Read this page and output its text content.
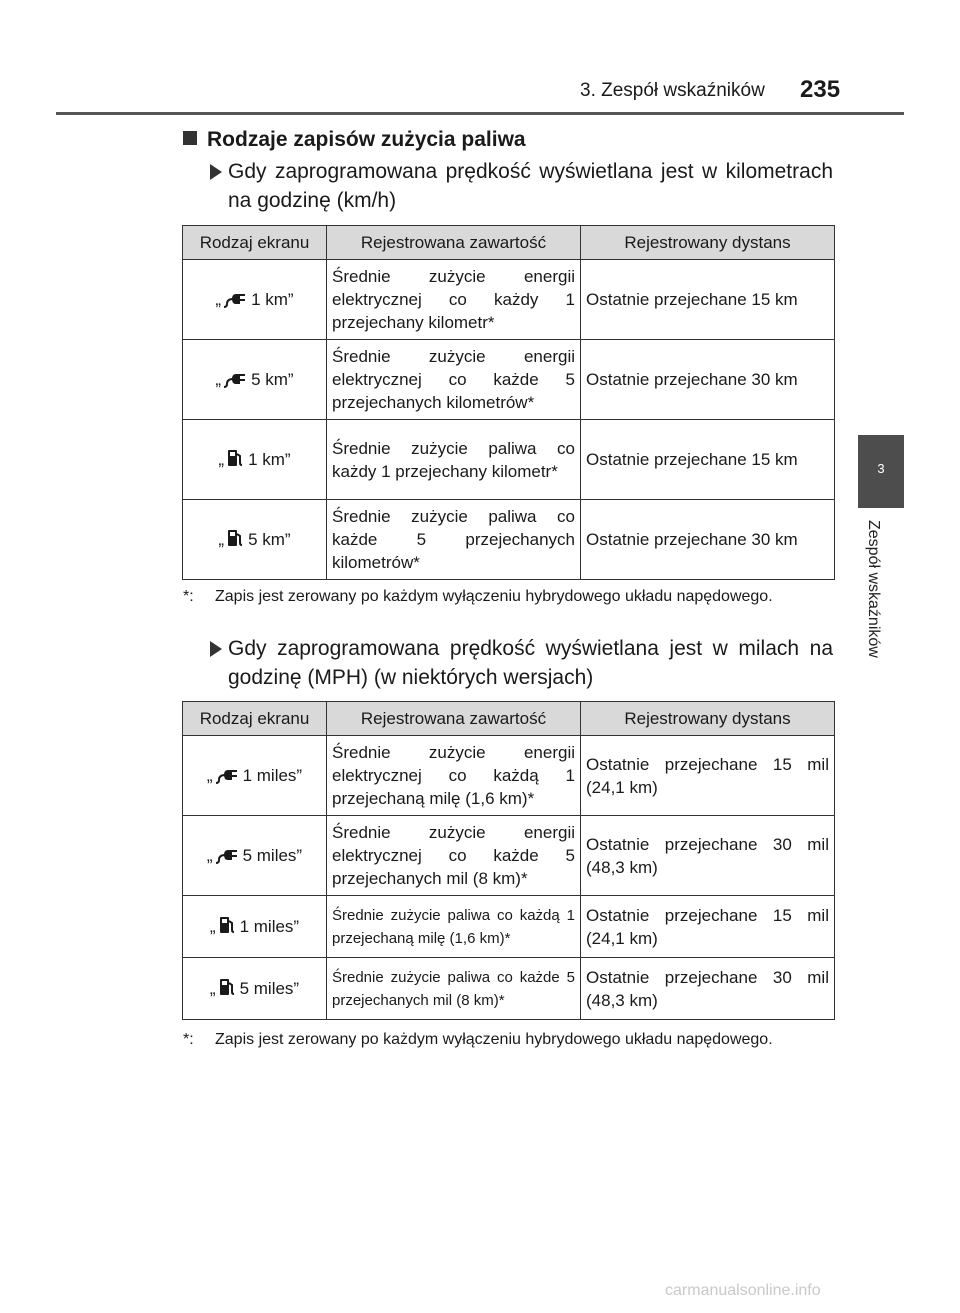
3. Zespół wskaźników 235
3
Zespół wskaźników
Rodzaje zapisów zużycia paliwa
Gdy zaprogramowana prędkość wyświetlana jest w kilometrach na godzinę (km/h)
Rodzaj ekranu	Rejestrowana zawartość	Rejestrowany dystans
„ 1 km”	Średnie zużycie energii elektrycznej co każdy 1 przejechany kilometr*	Ostatnie przejechane 15 km
„ 5 km”	Średnie zużycie energii elektrycznej co każde 5 przejechanych kilometrów*	Ostatnie przejechane 30 km
„ 1 km”	Średnie zużycie paliwa co każdy 1 przejechany kilometr*	Ostatnie przejechane 15 km
„ 5 km”	Średnie zużycie paliwa co każde 5 przejechanych kilometrów*	Ostatnie przejechane 30 km
*:	Zapis jest zerowany po każdym wyłączeniu hybrydowego układu napędowego.
Gdy zaprogramowana prędkość wyświetlana jest w milach na godzinę (MPH) (w niektórych wersjach)
Rodzaj ekranu	Rejestrowana zawartość	Rejestrowany dystans
„ 1 miles”	Średnie zużycie energii elektrycznej co każdą 1 przejechaną milę (1,6 km)*	Ostatnie przejechane 15 mil (24,1 km)
„ 5 miles”	Średnie zużycie energii elektrycznej co każde 5 przejechanych mil (8 km)*	Ostatnie przejechane 30 mil (48,3 km)
„ 1 miles”	Średnie zużycie paliwa co każdą 1 przejechaną milę (1,6 km)*	Ostatnie przejechane 15 mil (24,1 km)
„ 5 miles”	Średnie zużycie paliwa co każde 5 przejechanych mil (8 km)*	Ostatnie przejechane 30 mil (48,3 km)
*:	Zapis jest zerowany po każdym wyłączeniu hybrydowego układu napędowego.
carmanualsonline.info
